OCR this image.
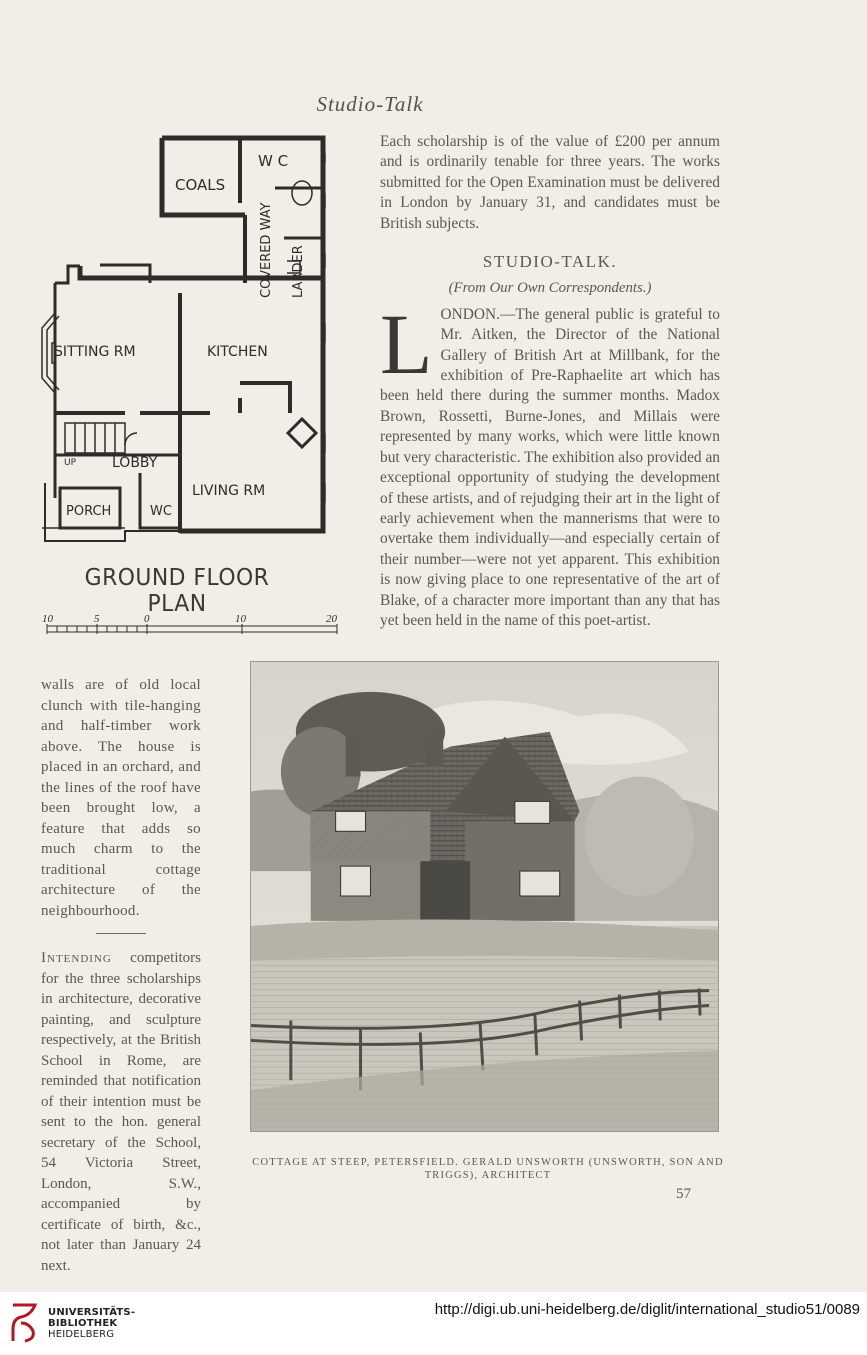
Studio-Talk
COALS
W C
COVERED WAY LARDER
SITTING RM	KITCHEN
UP	LOBBY
LIVING RM
PORCH	WC
GROUND FLOOR PLAN
10	5	0	10	20

Each scholarship is of the value of £200 per annum and is ordinarily tenable for three years. The works submitted for the Open Examination must be delivered in London by January 31, and candidates must be British subjects.

STUDIO-TALK.

(From Our Own Correspondents.)

LONDON.—The general public is grateful to Mr. Aitken, the Director of the National Gallery of British Art at Millbank, for the exhibition of Pre-Raphaelite art which has been held there during the summer months. Madox Brown, Rossetti, Burne-Jones, and Millais were represented by many works, which were little known but very characteristic. The exhibition also provided an exceptional opportunity of studying the development of these artists, and of rejudging their art in the light of early achievement when the mannerisms that were to overtake them individually—and especially certain of their number—were not yet apparent. This exhibition is now giving place to one representative of the art of Blake, of a character more important than any that has yet been held in the name of this poet-artist.

walls are of old local clunch with tile-hanging and half-timber work above. The house is placed in an orchard, and the lines of the roof have been brought low, a feature that adds so much charm to the traditional cottage architecture of the neighbourhood.

Intending competitors for the three scholarships in architecture, decorative painting, and sculpture respectively, at the British School in Rome, are reminded that notification of their intention must be sent to the hon. general secretary of the School, 54 Victoria Street, London, S.W., accompanied by certificate of birth, &c., not later than January 24 next.

COTTAGE AT STEEP, PETERSFIELD. GERALD UNSWORTH (UNSWORTH, SON AND TRIGGS), ARCHITECT
57
UNIVERSITÄTS-
BIBLIOTHEK
HEIDELBERG
http://digi.ub.uni-heidelberg.de/diglit/international_studio51/0089
